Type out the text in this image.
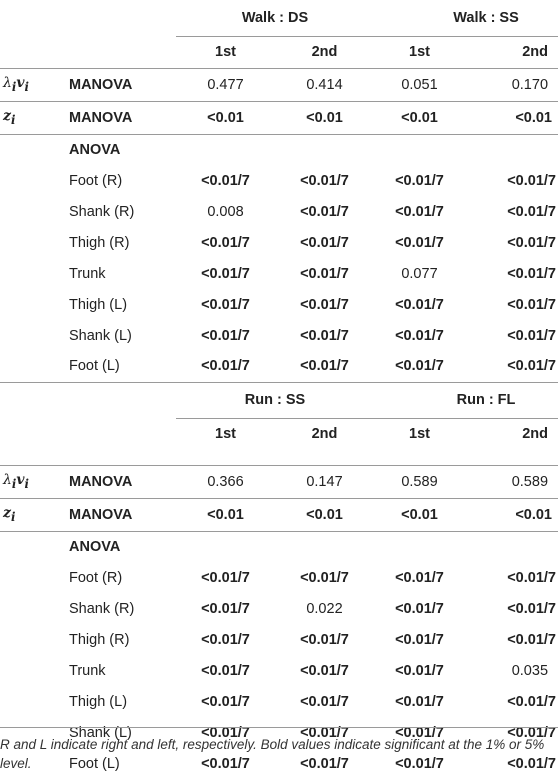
		Walk : DS		Walk : SS	
		1st	2nd	1st	2nd
$\lambda_iv_i$	MANOVA	0.477	0.414	0.051	0.170
$z_i$	MANOVA	<0.01	<0.01	<0.01	<0.01
	ANOVA				
	Foot (R)	<0.01/7	<0.01/7	<0.01/7	<0.01/7
	Shank (R)	0.008	<0.01/7	<0.01/7	<0.01/7
	Thigh (R)	<0.01/7	<0.01/7	<0.01/7	<0.01/7
	Trunk	<0.01/7	<0.01/7	0.077	<0.01/7
	Thigh (L)	<0.01/7	<0.01/7	<0.01/7	<0.01/7
	Shank (L)	<0.01/7	<0.01/7	<0.01/7	<0.01/7
	Foot (L)	<0.01/7	<0.01/7	<0.01/7	<0.01/7
		Run : SS		Run : FL	
		1st	2nd	1st	2nd
$\lambda_iv_i$	MANOVA	0.366	0.147	0.589	0.589
$z_i$	MANOVA	<0.01	<0.01	<0.01	<0.01
	ANOVA				
	Foot (R)	<0.01/7	<0.01/7	<0.01/7	<0.01/7
	Shank (R)	<0.01/7	0.022	<0.01/7	<0.01/7
	Thigh (R)	<0.01/7	<0.01/7	<0.01/7	<0.01/7
	Trunk	<0.01/7	<0.01/7	<0.01/7	0.035
	Thigh (L)	<0.01/7	<0.01/7	<0.01/7	<0.01/7
	Shank (L)	<0.01/7	<0.01/7	<0.01/7	<0.01/7
	Foot (L)	<0.01/7	<0.01/7	<0.01/7	<0.01/7
R and L indicate right and left, respectively. Bold values indicate significant at the 1% or 5% level.
